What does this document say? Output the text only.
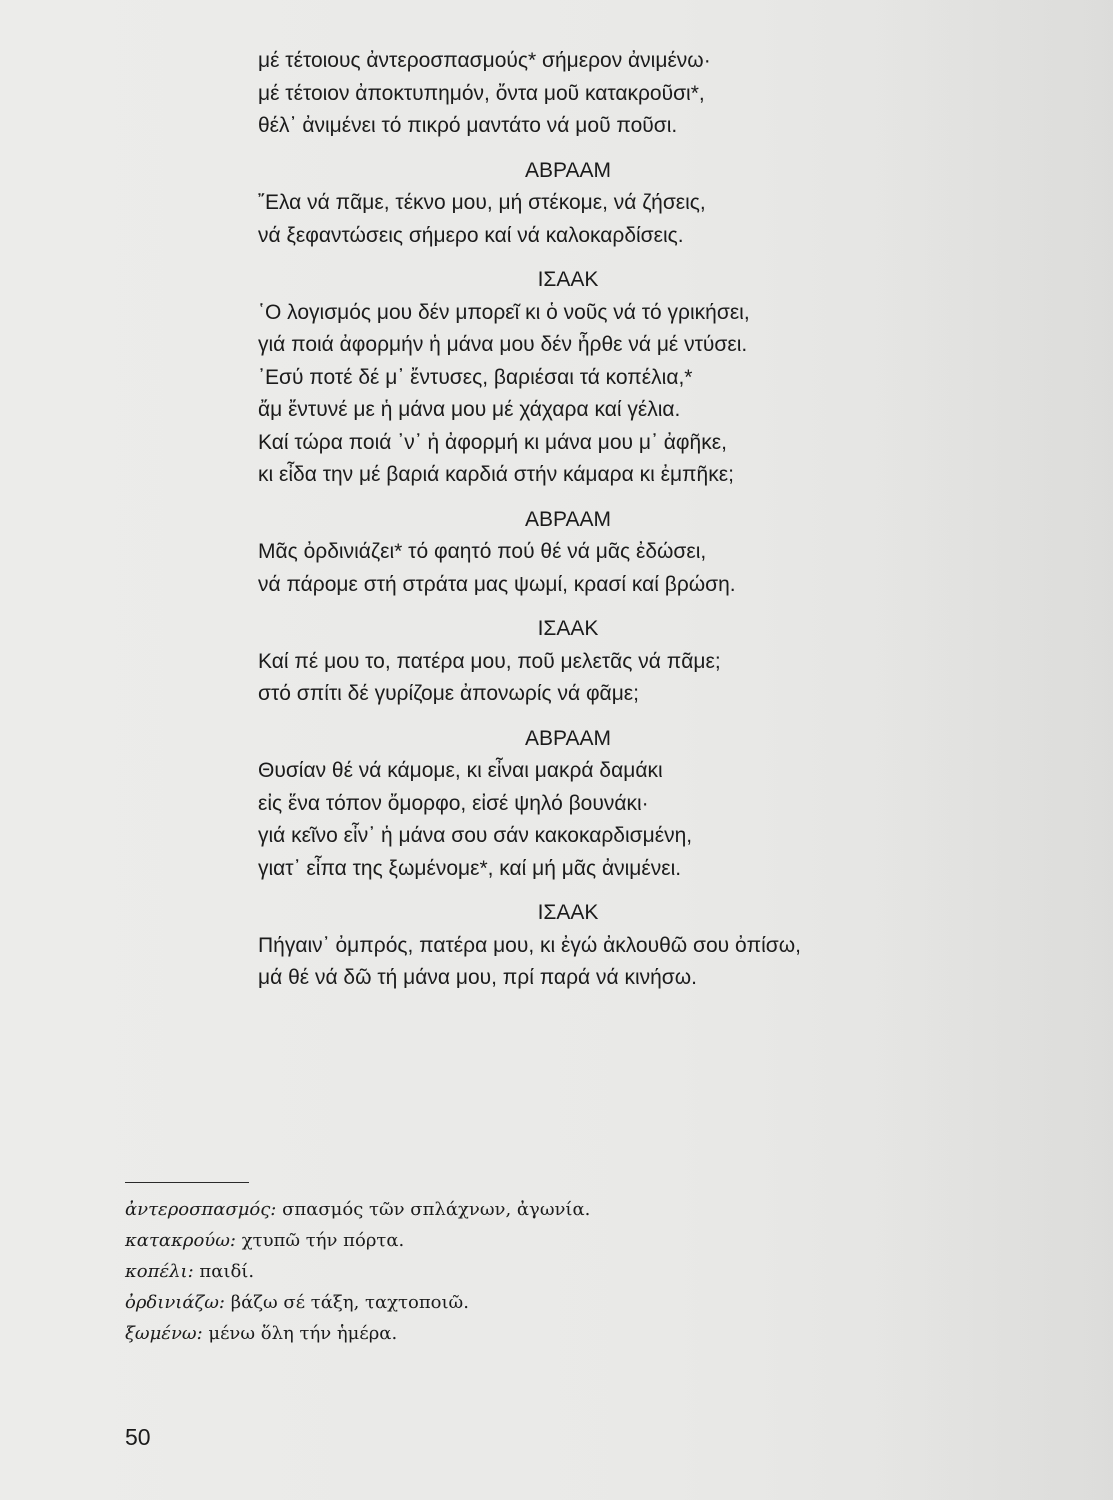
μέ τέτοιους ἀντεροσπασμούς* σήμερον ἀνιμένω·
μέ τέτοιον ἀποκτυπημόν, ὄντα μοῦ κατακροῦσι*,
θέλ᾿ ἀνιμένει τό πικρό μαντάτο νά μοῦ ποῦσι.
ΑΒΡΑΑΜ
῎Ελα νά πᾶμε, τέκνο μου, μή στέκομε, νά ζήσεις,
νά ξεφαντώσεις σήμερο καί νά καλοκαρδίσεις.
ΙΣΑΑΚ
῾Ο λογισμός μου δέν μπορεῖ κι ὁ νοῦς νά τό γρικήσει,
γιά ποιά ἀφορμήν ἡ μάνα μου δέν ἦρθε νά μέ ντύσει.
᾿Εσύ ποτέ δέ μ᾿ ἔντυσες, βαριέσαι τά κοπέλια,*
ἄμ ἔντυνέ με ἡ μάνα μου μέ χάχαρα καί γέλια.
Καί τώρα ποιά ᾿ν᾿ ἡ ἀφορμή κι μάνα μου μ᾿ ἀφῆκε,
κι εἶδα την μέ βαριά καρδιά στήν κάμαρα κι ἐμπῆκε;
ΑΒΡΑΑΜ
Μᾶς ὀρδινιάζει* τό φαητό πού θέ νά μᾶς ἐδώσει,
νά πάρομε στή στράτα μας ψωμί, κρασί καί βρώση.
ΙΣΑΑΚ
Καί πέ μου το, πατέρα μου, ποῦ μελετᾶς νά πᾶμε;
στό σπίτι δέ γυρίζομε ἀπονωρίς νά φᾶμε;
ΑΒΡΑΑΜ
Θυσίαν θέ νά κάμομε, κι εἶναι μακρά δαμάκι
εἰς ἕνα τόπον ὄμορφο, εἰσέ ψηλό βουνάκι·
γιά κεῖνο εἶν᾿ ἡ μάνα σου σάν κακοκαρδισμένη,
γιατ᾿ εἶπα της ξωμένομε*, καί μή μᾶς ἀνιμένει.
ΙΣΑΑΚ
Πήγαιν᾿ ὀμπρός, πατέρα μου, κι ἐγώ ἀκλουθῶ σου ὀπίσω,
μά θέ νά δῶ τή μάνα μου, πρί παρά νά κινήσω.
ἀντεροσπασμός: σπασμός τῶν σπλάχνων, ἀγωνία.
κατακρούω: χτυπῶ τήν πόρτα.
κοπέλι: παιδί.
ὀρδινιάζω: βάζω σέ τάξη, ταχτοποιῶ.
ξωμένω: μένω ὅλη τήν ἡμέρα.
50
